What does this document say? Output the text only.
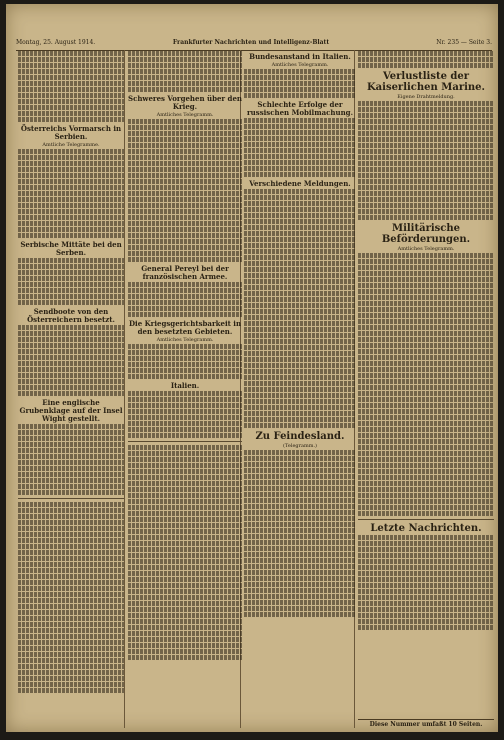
Montag, 25. August 1914.	Frankfurter Nachrichten und Intelligenz-Blatt	Nr. 235 — Seite 3.
Österreichs Vormarsch in Serbien.
Amtliche Telegramme.
Serbische Mittäte bei den Serben.
Sendboote von den Österreichern besetzt.
Eine englische Grubenklage auf der Insel Wight gestellt.
Schweres Vorgehen über den Krieg.
Amtliches Telegramm.
General Pereyl bei der französischen Armee.
Die Kriegsgerichtsbarkeit in den besetzten Gebieten.
Amtliches Telegramm.
Italien.
Bundesanstand in Italien.
Amtliches Telegramm.
Schlechte Erfolge der russischen Mobilmachung.
Verschiedene Meldungen.
Zu Feindesland.
(Telegramm.)
Verlustliste der Kaiserlichen Marine.
Eigene Drahtmeldung.
Militärische Beförderungen.
Amtliches Telegramm.
Letzte Nachrichten.
Diese Nummer umfaßt 10 Seiten.
